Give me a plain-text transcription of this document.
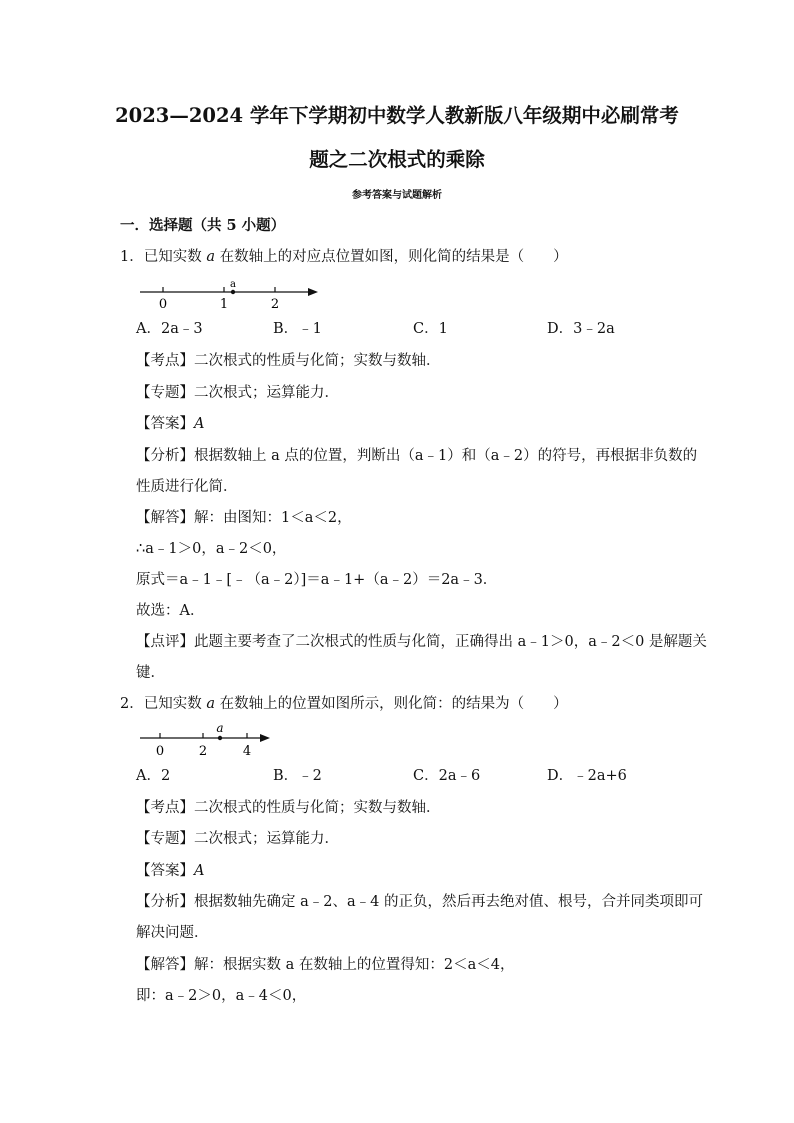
2023—2024 学年下学期初中数学人教新版八年级期中必刷常考
题之二次根式的乘除
参考答案与试题解析
一．选择题（共 5 小题）
1．已知实数 a 在数轴上的对应点位置如图，则化简的结果是（　　）
a
0	1	2
A．2a﹣3	B．﹣1	C．1	D．3﹣2a
【考点】二次根式的性质与化简；实数与数轴．
【专题】二次根式；运算能力．
【答案】A
【分析】根据数轴上 a 点的位置，判断出（a﹣1）和（a﹣2）的符号，再根据非负数的
性质进行化简．
【解答】解：由图知：1＜a＜2，
∴a﹣1＞0，a﹣2＜0，
原式＝a﹣1﹣[﹣（a﹣2）]＝a﹣1+（a﹣2）＝2a﹣3．
故选：A．
【点评】此题主要考查了二次根式的性质与化简，正确得出 a﹣1＞0，a﹣2＜0 是解题关
键．
2．已知实数 a 在数轴上的位置如图所示，则化简：的结果为（　　）
a
0	2	4
A．2	B．﹣2	C．2a﹣6	D．﹣2a+6
【考点】二次根式的性质与化简；实数与数轴．
【专题】二次根式；运算能力．
【答案】A
【分析】根据数轴先确定 a﹣2、a﹣4 的正负，然后再去绝对值、根号，合并同类项即可
解决问题．
【解答】解：根据实数 a 在数轴上的位置得知：2＜a＜4，
即：a﹣2＞0，a﹣4＜0，
